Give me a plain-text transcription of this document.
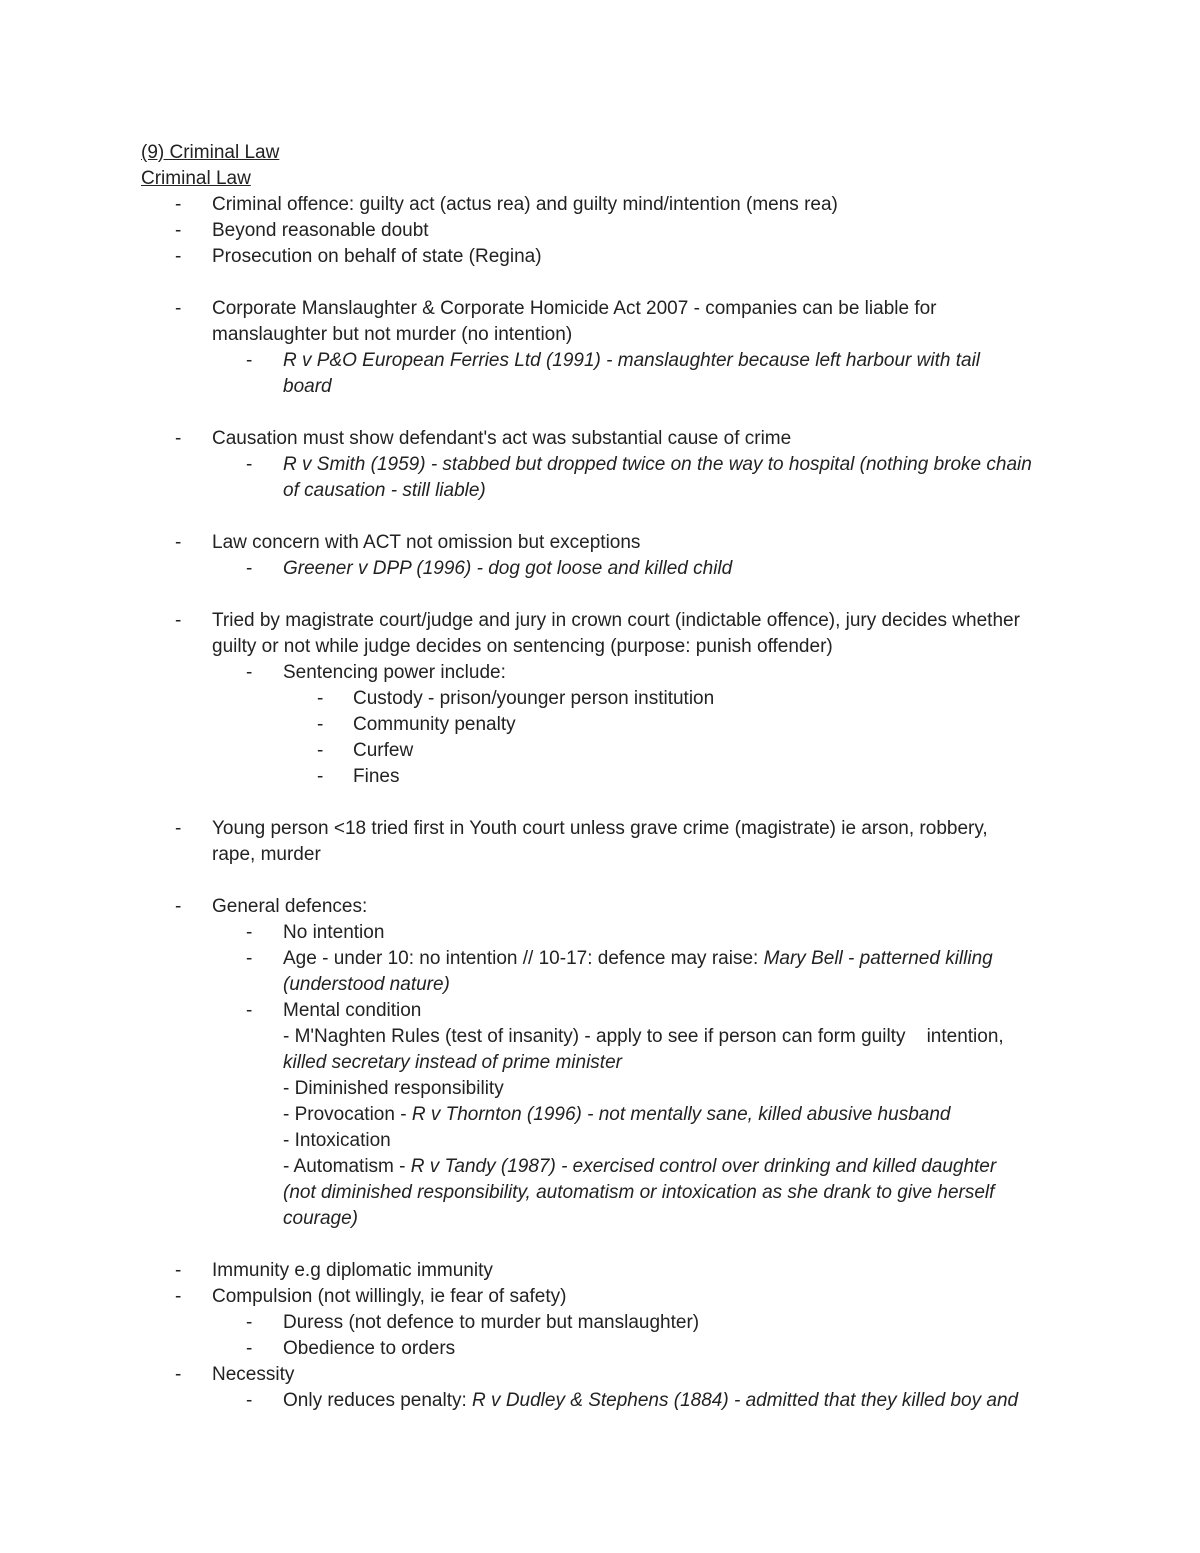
(9) Criminal Law
Criminal Law
- Criminal offence: guilty act (actus rea) and guilty mind/intention (mens rea)
- Beyond reasonable doubt
- Prosecution on behalf of state (Regina)
- Corporate Manslaughter & Corporate Homicide Act 2007 - companies can be liable for
manslaughter but not murder (no intention)
- R v P&O European Ferries Ltd (1991) - manslaughter because left harbour with tail
board
- Causation must show defendant's act was substantial cause of crime
- R v Smith (1959) - stabbed but dropped twice on the way to hospital (nothing broke chain
of causation - still liable)
- Law concern with ACT not omission but exceptions
- Greener v DPP (1996) - dog got loose and killed child
- Tried by magistrate court/judge and jury in crown court (indictable offence), jury decides whether
guilty or not while judge decides on sentencing (purpose: punish offender)
- Sentencing power include:
- Custody - prison/younger person institution
- Community penalty
- Curfew
- Fines
- Young person <18 tried first in Youth court unless grave crime (magistrate) ie arson, robbery,
rape, murder
- General defences:
- No intention
- Age - under 10: no intention // 10-17: defence may raise: Mary Bell - patterned killing
(understood nature)
- Mental condition
- M'Naghten Rules (test of insanity) - apply to see if person can form guilty    intention,
killed secretary instead of prime minister
- Diminished responsibility
- Provocation - R v Thornton (1996) - not mentally sane, killed abusive husband
- Intoxication
- Automatism - R v Tandy (1987) - exercised control over drinking and killed daughter
(not diminished responsibility, automatism or intoxication as she drank to give herself
courage)
- Immunity e.g diplomatic immunity
- Compulsion (not willingly, ie fear of safety)
- Duress (not defence to murder but manslaughter)
- Obedience to orders
- Necessity
- Only reduces penalty: R v Dudley & Stephens (1884) - admitted that they killed boy and
